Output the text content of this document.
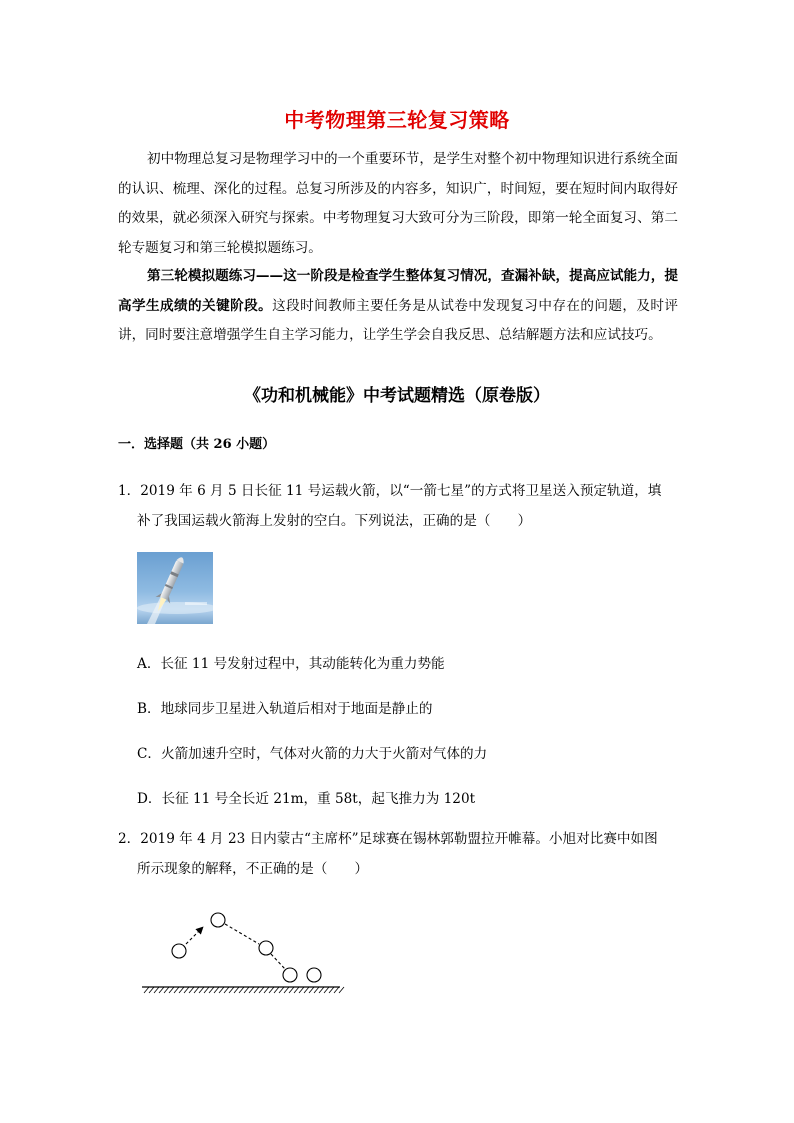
中考物理第三轮复习策略
初中物理总复习是物理学习中的一个重要环节，是学生对整个初中物理知识进行系统全面的认识、梳理、深化的过程。总复习所涉及的内容多，知识广，时间短，要在短时间内取得好的效果，就必须深入研究与探索。中考物理复习大致可分为三阶段，即第一轮全面复习、第二轮专题复习和第三轮模拟题练习。
第三轮模拟题练习——这一阶段是检查学生整体复习情况，查漏补缺，提高应试能力，提高学生成绩的关键阶段。这段时间教师主要任务是从试卷中发现复习中存在的问题，及时评讲，同时要注意增强学生自主学习能力，让学生学会自我反思、总结解题方法和应试技巧。
《功和机械能》中考试题精选（原卷版）
一．选择题（共 26 小题）
1．2019 年 6 月 5 日长征 11 号运载火箭，以“一箭七星”的方式将卫星送入预定轨道，填
补了我国运载火箭海上发射的空白。下列说法，正确的是（　　）
A．长征 11 号发射过程中，其动能转化为重力势能
B．地球同步卫星进入轨道后相对于地面是静止的
C．火箭加速升空时，气体对火箭的力大于火箭对气体的力
D．长征 11 号全长近 21m，重 58t，起飞推力为 120t
2．2019 年 4 月 23 日内蒙古“主席杯”足球赛在锡林郭勒盟拉开帷幕。小旭对比赛中如图
所示现象的解释，不正确的是（　　）
